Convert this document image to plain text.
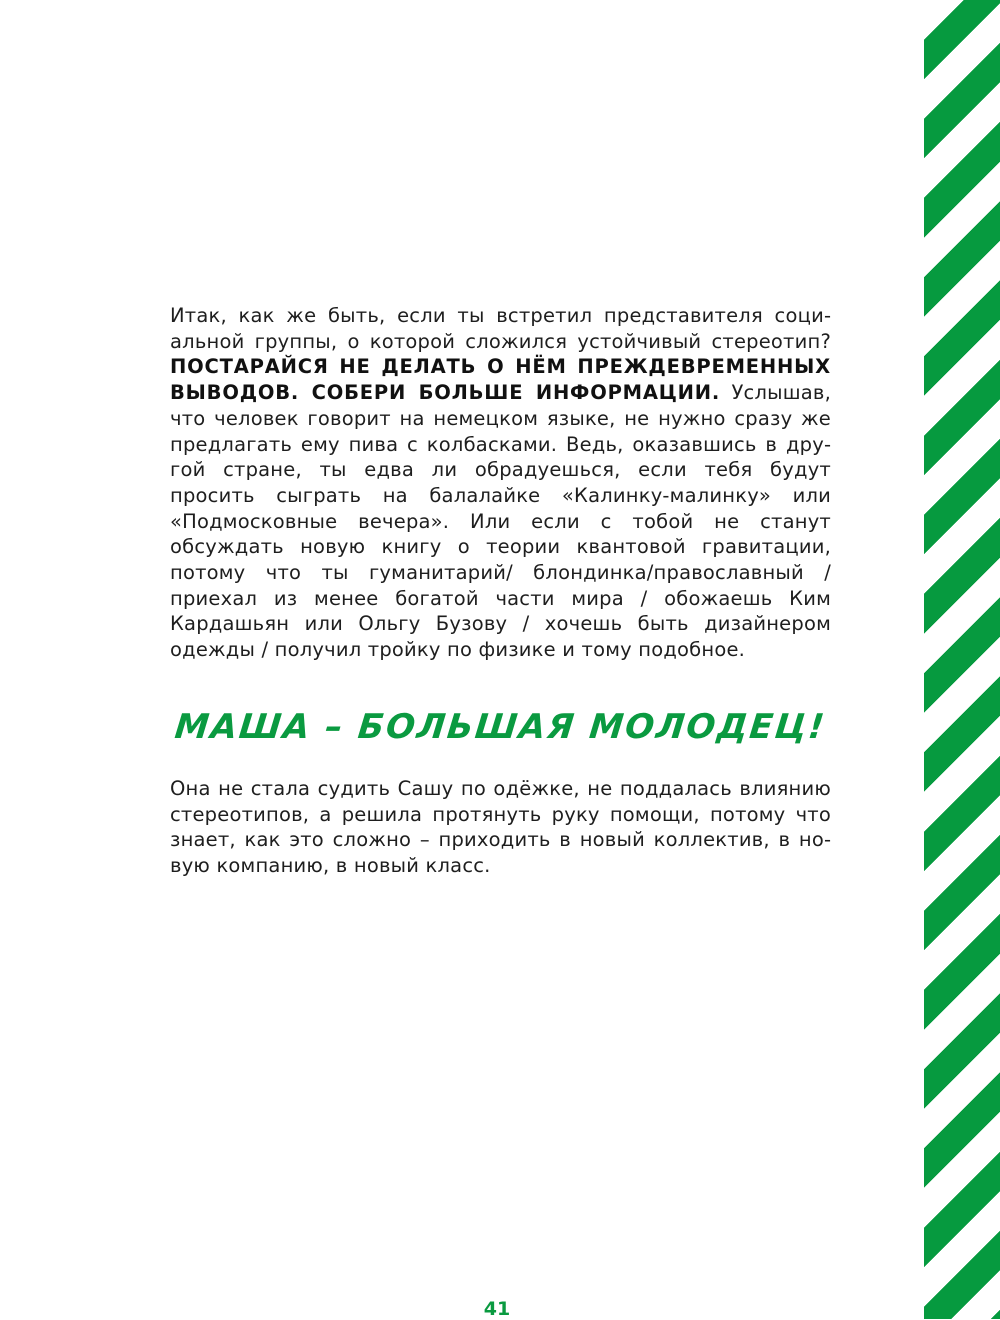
Итак, как же быть, если ты встретил представителя социальной группы, о которой сложился устойчивый стереотип? ПОСТАРАЙСЯ НЕ ДЕЛАТЬ О НЁМ ПРЕЖДЕВРЕМЕННЫХ ВЫВОДОВ. СОБЕРИ БОЛЬШЕ ИНФОРМАЦИИ. Услышав, что человек говорит на немецком языке, не нужно сразу же предлагать ему пива с колбасками. Ведь, оказавшись в другой стране, ты едва ли обрадуешься, если тебя будут просить сыграть на балалайке «Калинку-малинку» или «Подмосковные вечера». Или если с тобой не станут обсуждать новую книгу о теории квантовой гравитации, потому что ты гуманитарий/ блондинка/православный / приехал из менее богатой части мира / обожаешь Ким Кардашьян или Ольгу Бузову / хочешь быть дизайнером одежды / получил тройку по физике и тому подобное.

МАША – БОЛЬШАЯ МОЛОДЕЦ!

Она не стала судить Сашу по одёжке, не поддалась влиянию стереотипов, а решила протянуть руку помощи, потому что знает, как это сложно – приходить в новый коллектив, в новую компанию, в новый класс.

41
